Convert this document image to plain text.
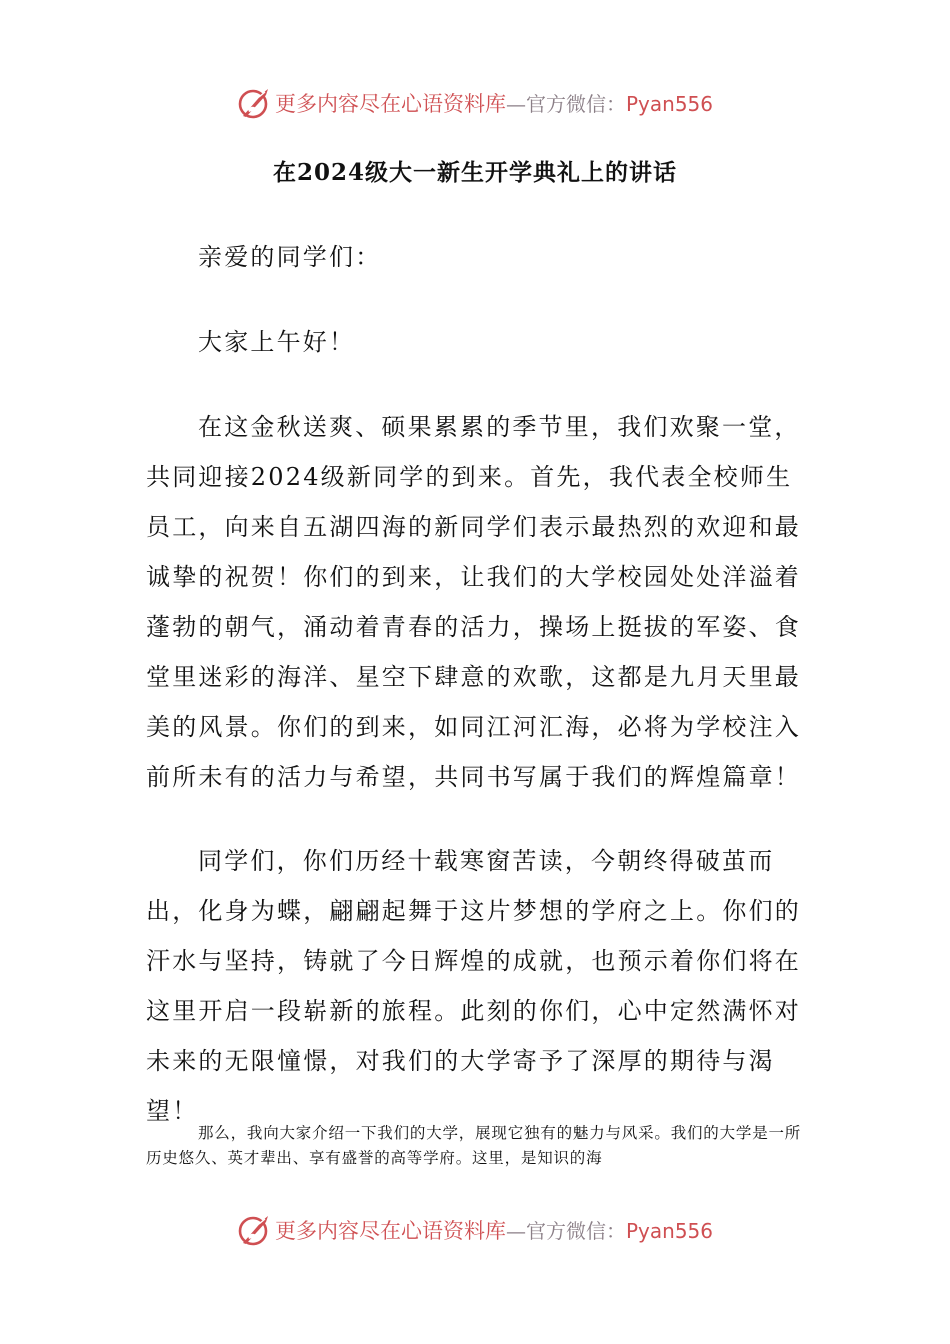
更多内容尽在心语资料库—官方微信：Pyan556
在2024级大一新生开学典礼上的讲话

亲爱的同学们：

大家上午好！

在这金秋送爽、硕果累累的季节里，我们欢聚一堂，共同迎接2024级新同学的到来。首先，我代表全校师生员工，向来自五湖四海的新同学们表示最热烈的欢迎和最诚挚的祝贺！你们的到来，让我们的大学校园处处洋溢着蓬勃的朝气，涌动着青春的活力，操场上挺拔的军姿、食堂里迷彩的海洋、星空下肆意的欢歌，这都是九月天里最美的风景。你们的到来，如同江河汇海，必将为学校注入前所未有的活力与希望，共同书写属于我们的辉煌篇章！

同学们，你们历经十载寒窗苦读，今朝终得破茧而出，化身为蝶，翩翩起舞于这片梦想的学府之上。你们的汗水与坚持，铸就了今日辉煌的成就，也预示着你们将在这里开启一段崭新的旅程。此刻的你们，心中定然满怀对未来的无限憧憬，对我们的大学寄予了深厚的期待与渴望！

那么，我向大家介绍一下我们的大学，展现它独有的魅力与风采。我们的大学是一所历史悠久、英才辈出、享有盛誉的高等学府。这里，是知识的海

更多内容尽在心语资料库—官方微信：Pyan556
